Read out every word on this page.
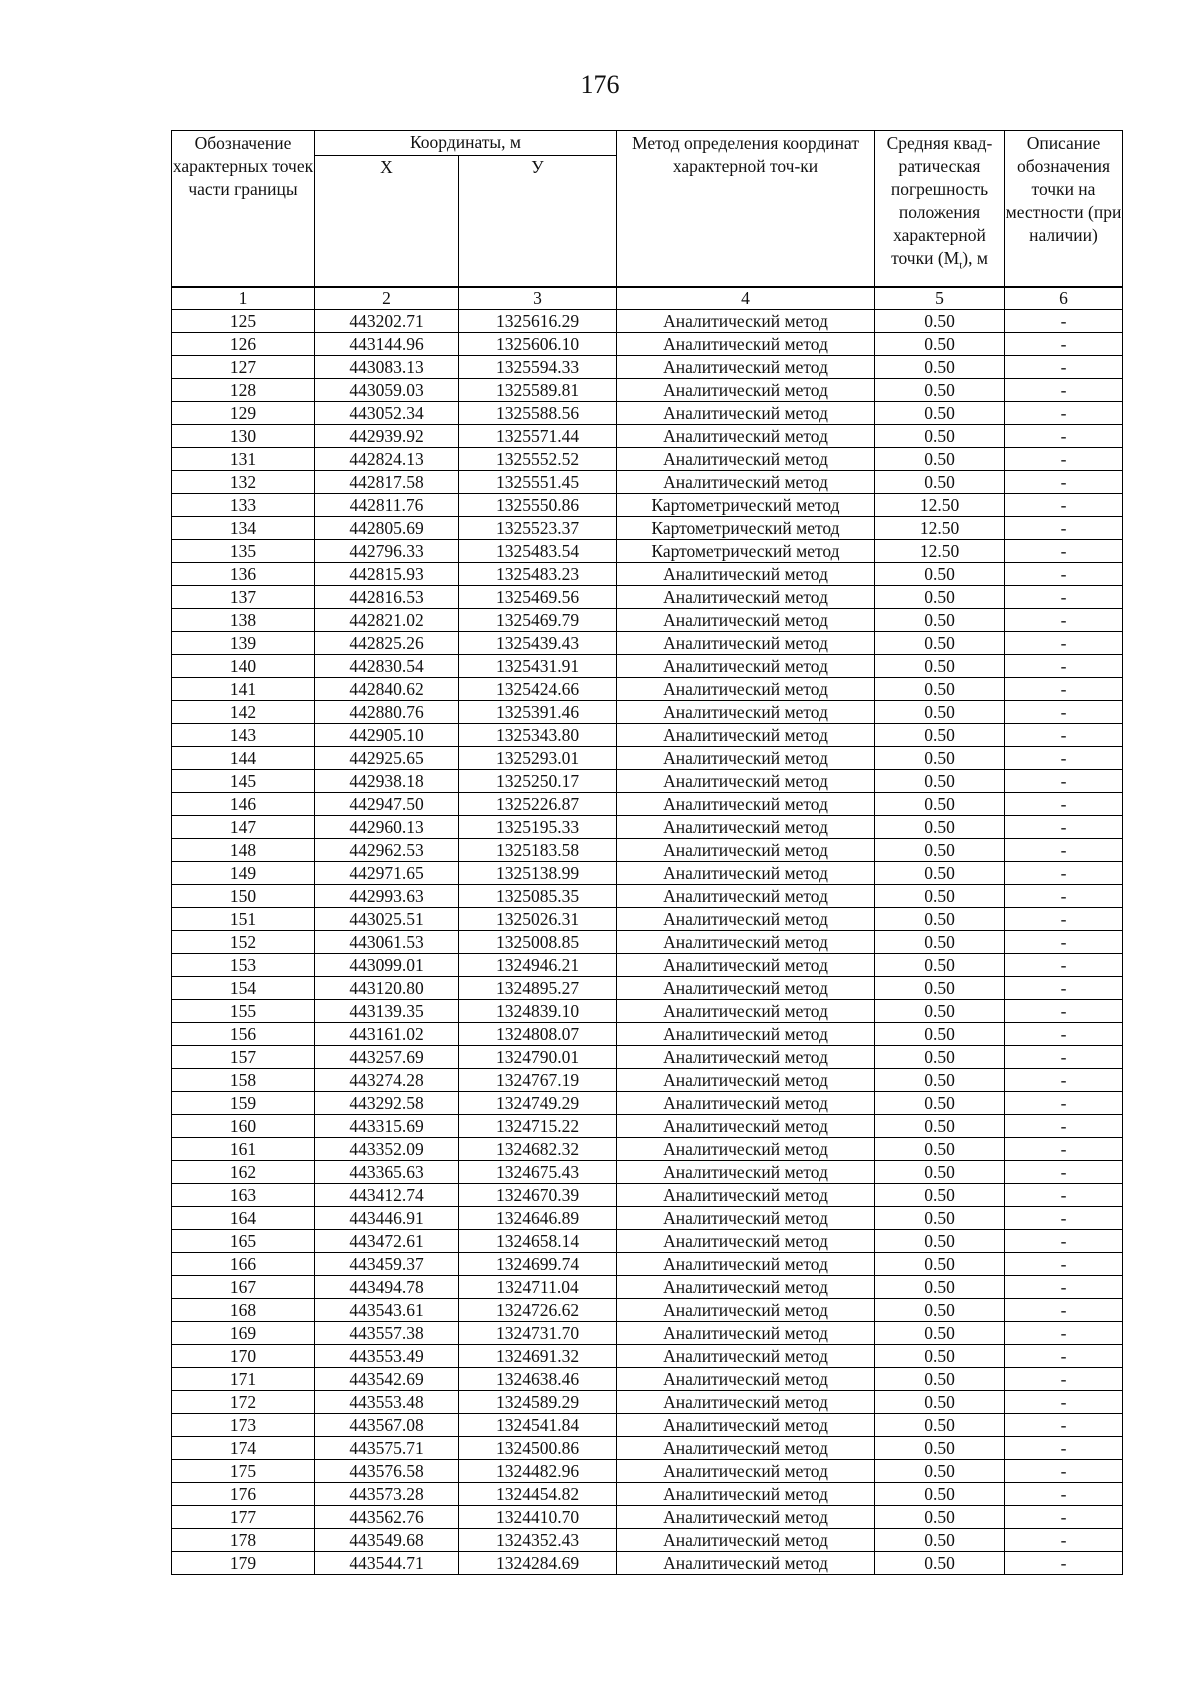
176
Обозначение характерных точек части границы	Координаты, м		Метод определения координат характерной точ-ки	Средняя квад-ратическая погрешность положения характерной точки $(М_t)$, м	Описание обозначения точки на местности (при наличии)
	Х	У			
1	2	3	4	5	6
125	443202.71	1325616.29	Аналитический метод	0.50	-
126	443144.96	1325606.10	Аналитический метод	0.50	-
127	443083.13	1325594.33	Аналитический метод	0.50	-
128	443059.03	1325589.81	Аналитический метод	0.50	-
129	443052.34	1325588.56	Аналитический метод	0.50	-
130	442939.92	1325571.44	Аналитический метод	0.50	-
131	442824.13	1325552.52	Аналитический метод	0.50	-
132	442817.58	1325551.45	Аналитический метод	0.50	-
133	442811.76	1325550.86	Картометрический метод	12.50	-
134	442805.69	1325523.37	Картометрический метод	12.50	-
135	442796.33	1325483.54	Картометрический метод	12.50	-
136	442815.93	1325483.23	Аналитический метод	0.50	-
137	442816.53	1325469.56	Аналитический метод	0.50	-
138	442821.02	1325469.79	Аналитический метод	0.50	-
139	442825.26	1325439.43	Аналитический метод	0.50	-
140	442830.54	1325431.91	Аналитический метод	0.50	-
141	442840.62	1325424.66	Аналитический метод	0.50	-
142	442880.76	1325391.46	Аналитический метод	0.50	-
143	442905.10	1325343.80	Аналитический метод	0.50	-
144	442925.65	1325293.01	Аналитический метод	0.50	-
145	442938.18	1325250.17	Аналитический метод	0.50	-
146	442947.50	1325226.87	Аналитический метод	0.50	-
147	442960.13	1325195.33	Аналитический метод	0.50	-
148	442962.53	1325183.58	Аналитический метод	0.50	-
149	442971.65	1325138.99	Аналитический метод	0.50	-
150	442993.63	1325085.35	Аналитический метод	0.50	-
151	443025.51	1325026.31	Аналитический метод	0.50	-
152	443061.53	1325008.85	Аналитический метод	0.50	-
153	443099.01	1324946.21	Аналитический метод	0.50	-
154	443120.80	1324895.27	Аналитический метод	0.50	-
155	443139.35	1324839.10	Аналитический метод	0.50	-
156	443161.02	1324808.07	Аналитический метод	0.50	-
157	443257.69	1324790.01	Аналитический метод	0.50	-
158	443274.28	1324767.19	Аналитический метод	0.50	-
159	443292.58	1324749.29	Аналитический метод	0.50	-
160	443315.69	1324715.22	Аналитический метод	0.50	-
161	443352.09	1324682.32	Аналитический метод	0.50	-
162	443365.63	1324675.43	Аналитический метод	0.50	-
163	443412.74	1324670.39	Аналитический метод	0.50	-
164	443446.91	1324646.89	Аналитический метод	0.50	-
165	443472.61	1324658.14	Аналитический метод	0.50	-
166	443459.37	1324699.74	Аналитический метод	0.50	-
167	443494.78	1324711.04	Аналитический метод	0.50	-
168	443543.61	1324726.62	Аналитический метод	0.50	-
169	443557.38	1324731.70	Аналитический метод	0.50	-
170	443553.49	1324691.32	Аналитический метод	0.50	-
171	443542.69	1324638.46	Аналитический метод	0.50	-
172	443553.48	1324589.29	Аналитический метод	0.50	-
173	443567.08	1324541.84	Аналитический метод	0.50	-
174	443575.71	1324500.86	Аналитический метод	0.50	-
175	443576.58	1324482.96	Аналитический метод	0.50	-
176	443573.28	1324454.82	Аналитический метод	0.50	-
177	443562.76	1324410.70	Аналитический метод	0.50	-
178	443549.68	1324352.43	Аналитический метод	0.50	-
179	443544.71	1324284.69	Аналитический метод	0.50	-
